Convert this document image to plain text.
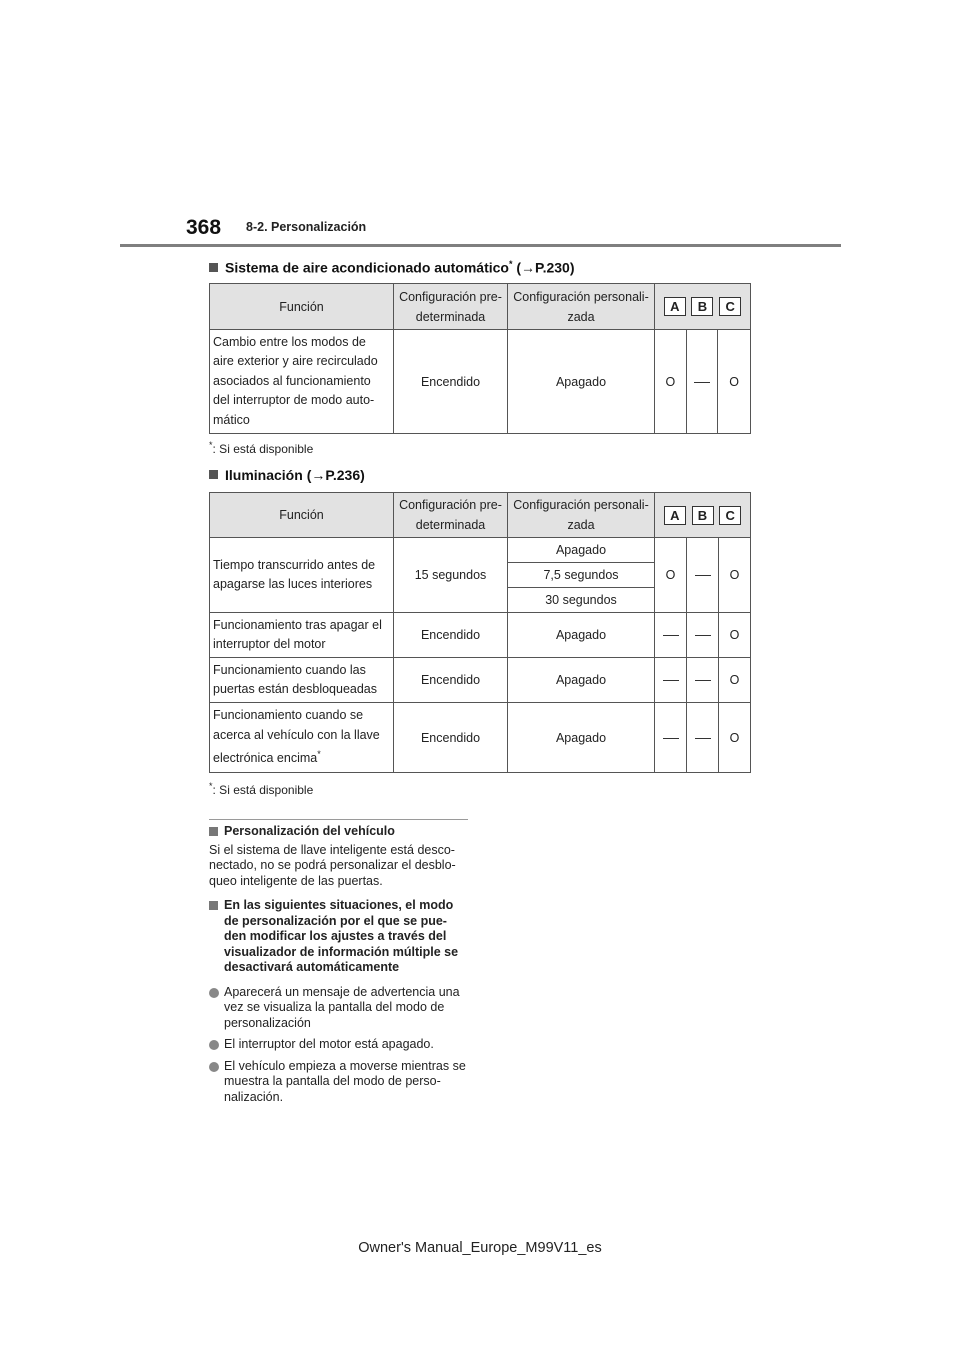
368 8-2. Personalización
Sistema de aire acondicionado automático* (→P.230)
Función	Configuración pre-determinada	Configuración personali-zada	
A	B	C

Cambio entre los modos de aire exterior y aire recirculado asociados al funcionamiento del interruptor de modo auto-mático	Encendido	Apagado		O		O
*: Si está disponible
Iluminación (→P.236)
Función	Configuración pre-determinada	Configuración personali-zada	A B C		

Tiempo transcurrido antes de apagarse las luces interiores	15 segundos	Apagado	O		O
		7,5 segundos			
		30 segundos			
Funcionamiento tras apagar el interruptor del motor	Encendido	Apagado			O
Funcionamiento cuando las puertas están desbloqueadas	Encendido	Apagado			O
Funcionamiento cuando se acerca al vehículo con la llave electrónica encima*	Encendido	Apagado			O
*: Si está disponible
Personalización del vehículo
Si el sistema de llave inteligente está desco-nectado, no se podrá personalizar el desblo-queo inteligente de las puertas.
En las siguientes situaciones, el modo de personalización por el que se pue-den modificar los ajustes a través del visualizador de información múltiple se desactivará automáticamente
Aparecerá un mensaje de advertencia una vez se visualiza la pantalla del modo de personalización
El interruptor del motor está apagado.
El vehículo empieza a moverse mientras se muestra la pantalla del modo de perso-nalización.
Owner's Manual_Europe_M99V11_es
